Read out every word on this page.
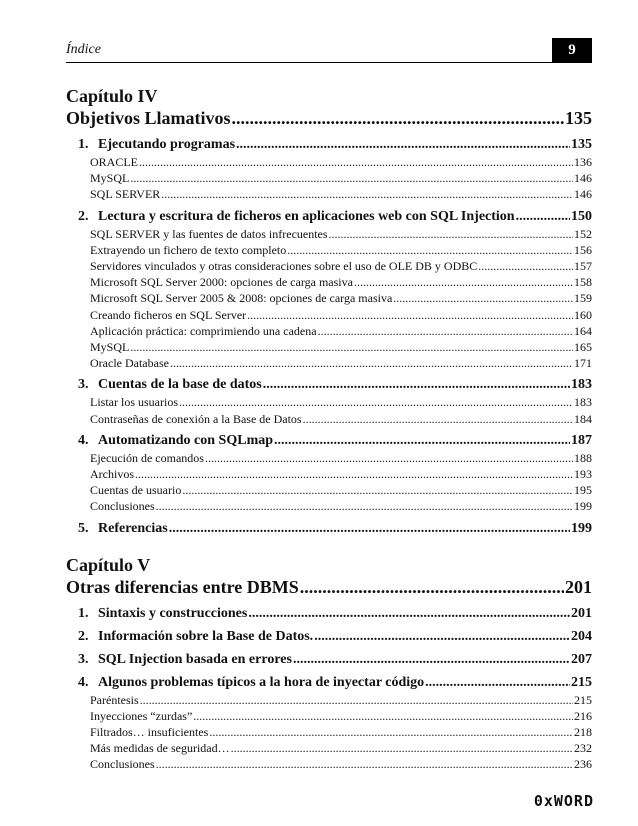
Índice	9
Capítulo IV
Objetivos Llamativos .....	135
1. Ejecutando programas .....	135
ORACLE .....	136
MySQL .....	146
SQL SERVER .....	146
2. Lectura y escritura de ficheros en aplicaciones web con SQL Injection .....	150
SQL SERVER y las fuentes de datos infrecuentes .....	152
Extrayendo un fichero de texto completo .....	156
Servidores vinculados y otras consideraciones sobre el uso de OLE DB y ODBC .....	157
Microsoft SQL Server 2000: opciones de carga masiva .....	158
Microsoft SQL Server 2005 & 2008: opciones de carga masiva .....	159
Creando ficheros en SQL Server .....	160
Aplicación práctica: comprimiendo una cadena .....	164
MySQL .....	165
Oracle Database .....	171
3. Cuentas de la base de datos .....	183
Listar los usuarios .....	183
Contraseñas de conexión a la Base de Datos .....	184
4. Automatizando con SQLmap .....	187
Ejecución de comandos .....	188
Archivos .....	193
Cuentas de usuario .....	195
Conclusiones .....	199
5. Referencias .....	199
Capítulo V
Otras diferencias entre DBMS .....	201
1. Sintaxis y construcciones .....	201
2. Información sobre la Base de Datos. .....	204
3. SQL Injection basada en errores .....	207
4. Algunos problemas típicos a la hora de inyectar código .....	215
Paréntesis .....	215
Inyecciones “zurdas” .....	216
Filtrados… insuficientes .....	218
Más medidas de seguridad… .....	232
Conclusiones .....	236
0xWORD
